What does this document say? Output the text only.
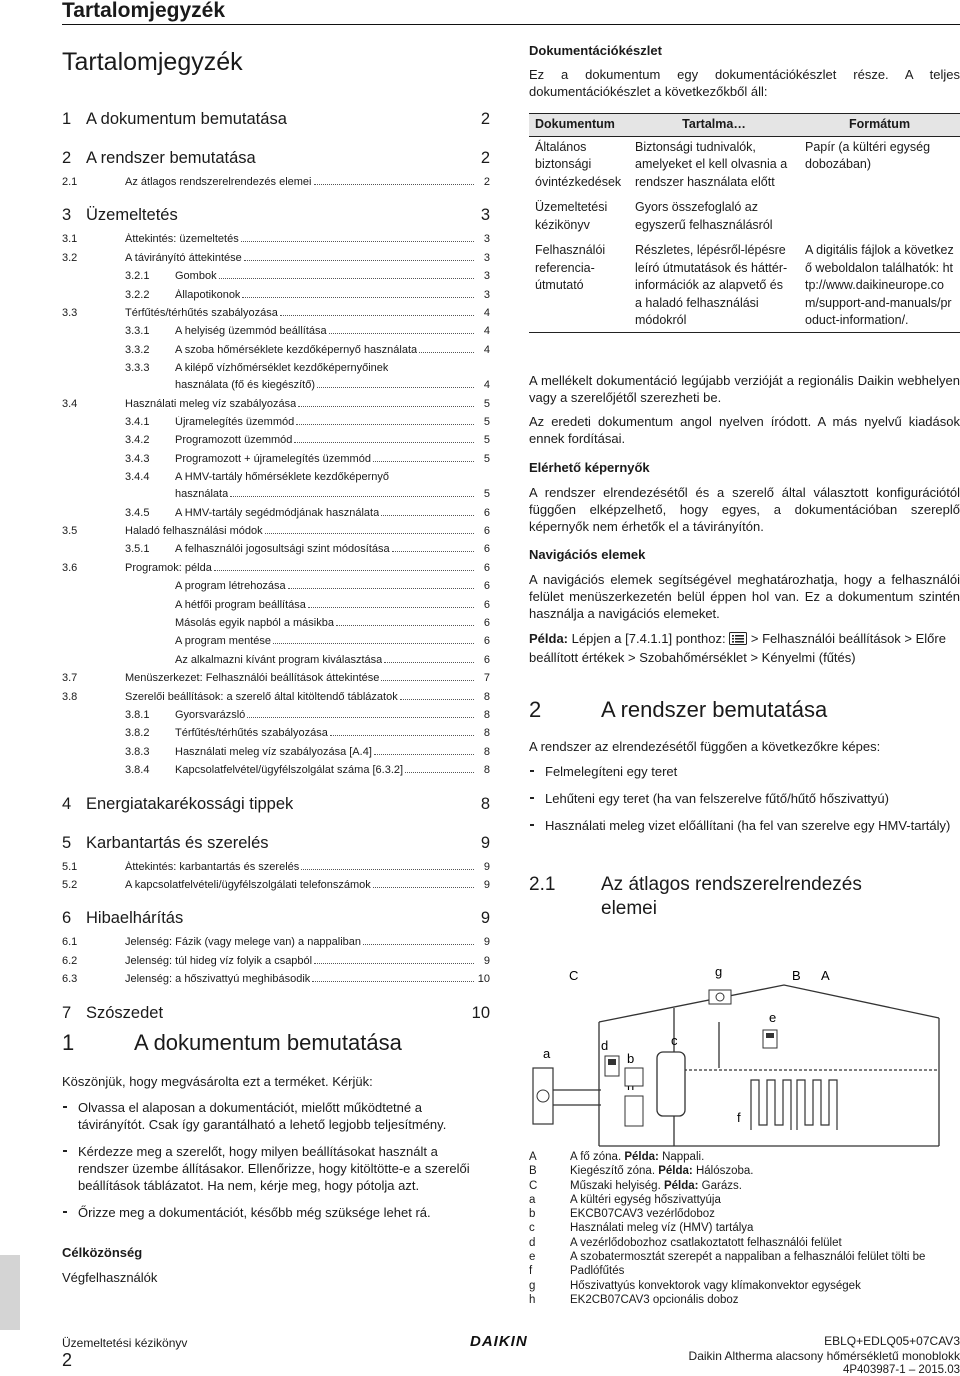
Tartalomjegyzék
Tartalomjegyzék
1 A dokumentum bemutatása	2
2 A rendszer bemutatása	2
2.1	Az átlagos rendszerelrendezés elemei	2
3 Üzemeltetés	3
3.1	Áttekintés: üzemeltetés	3
3.2	A távirányító áttekintése	3
3.2.1	Gombok	3
3.2.2	Állapotikonok	3
3.3	Térfűtés/térhűtés szabályozása	4
3.3.1	A helyiség üzemmód beállítása	4
3.3.2	A szoba hőmérséklete kezdőképernyő használata	4
3.3.3	A kilépő vízhőmérséklet kezdőképernyőinek
használata (fő és kiegészítő)	4
3.4	Használati meleg víz szabályozása	5
3.4.1	Újramelegítés üzemmód	5
3.4.2	Programozott üzemmód	5
3.4.3	Programozott + újramelegítés üzemmód	5
3.4.4	A HMV-tartály hőmérséklete kezdőképernyő
használata	5
3.4.5	A HMV-tartály segédmódjának használata	6
3.5	Haladó felhasználási módok	6
3.5.1	A felhasználói jogosultsági szint módosítása	6
3.6	Programok: példa	6
A program létrehozása	6
A hétfői program beállítása	6
Másolás egyik napból a másikba	6
A program mentése	6
Az alkalmazni kívánt program kiválasztása	6
3.7	Menüszerkezet: Felhasználói beállítások áttekintése	7
3.8	Szerelői beállítások: a szerelő által kitöltendő táblázatok	8
3.8.1	Gyorsvarázsló	8
3.8.2	Térfűtés/térhűtés szabályozása	8
3.8.3	Használati meleg víz szabályozása [A.4]	8
3.8.4	Kapcsolatfelvétel/ügyfélszolgálat száma [6.3.2]	8
4 Energiatakarékossági tippek	8
5 Karbantartás és szerelés	9
5.1	Áttekintés: karbantartás és szerelés	9
5.2	A kapcsolatfelvételi/ügyfélszolgálati telefonszámok	9
6 Hibaelhárítás	9
6.1	Jelenség: Fázik (vagy melege van) a nappaliban	9
6.2	Jelenség: túl hideg víz folyik a csapból	9
6.3	Jelenség: a hőszivattyú meghibásodik	10
7 Szószedet	10
1	A dokumentum bemutatása
Köszönjük, hogy megvásárolta ezt a terméket. Kérjük:
Olvassa el alaposan a dokumentációt, mielőtt működtetné a távirányítót. Csak így garantálható a lehető legjobb teljesítmény.
Kérdezze meg a szerelőt, hogy milyen beállításokat használt a rendszer üzembe állításakor. Ellenőrizze, hogy kitöltötte-e a szerelői beállítások táblázatot. Ha nem, kérje meg, hogy pótolja azt.
Őrizze meg a dokumentációt, később még szüksége lehet rá.
Célközönség
Végfelhasználók
Dokumentációkészlet
Ez a dokumentum egy dokumentációkészlet része. A teljes dokumentációkészlet a következőkből áll:
Dokumentum	Tartalma…	Formátum
Általános biztonsági óvintézkedések	Biztonsági tudnivalók, amelyeket el kell olvasnia a rendszer használata előtt	Papír (a kültéri egység dobozában)
Üzemeltetési kézikönyv	Gyors összefoglaló az egyszerű felhasználásról	
Felhasználói referencia-útmutató	Részletes, lépésről-lépésre leíró útmutatások és háttér-információk az alapvető és a haladó felhasználási módokról	A digitális fájlok a következő weboldalon találhatók: http://www.daikineurope.com/support-and-manuals/product-information/.
A mellékelt dokumentáció legújabb verzióját a regionális Daikin webhelyen vagy a szerelőjétől szerezheti be.
Az eredeti dokumentum angol nyelven íródott. A más nyelvű kiadások ennek fordításai.
Elérhető képernyők
A rendszer elrendezésétől és a szerelő által választott konfigurációtól függően elképzelhető, hogy egyes, a dokumentációban szereplő képernyők nem érhetők el a távirányítón.
Navigációs elemek
A navigációs elemek segítségével meghatározhatja, hogy a felhasználói felület menüszerkezetén belül éppen hol van. Ez a dokumentum szintén használja a navigációs elemeket.
Példa: Lépjen a [7.4.1.1] ponthoz: > Felhasználói beállítások > Előre beállított értékek > Szobahőmérséklet > Kényelmi (fűtés)
2	A rendszer bemutatása
A rendszer az elrendezésétől függően a következőkre képes:
Felmelegíteni egy teret
Lehűteni egy teret (ha van felszerelve fűtő/hűtő hőszivattyú)
Használati meleg vizet előállítani (ha fel van szerelve egy HMV-tartály)
2.1	Az átlagos rendszerelrendezés elemei
C	g	B A
a
d
b
c
e
f
A	A fő zóna. Példa: Nappali.
B	Kiegészítő zóna. Példa: Hálószoba.
C	Műszaki helyiség. Példa: Garázs.
a	A kültéri egység hőszivattyúja
b	EKCB07CAV3 vezérlődoboz
c	Használati meleg víz (HMV) tartálya
d	A vezérlődobozhoz csatlakoztatott felhasználói felület
e	A szobatermosztát szerepét a nappaliban a felhasználói felület tölti be
f	Padlófűtés
g	Hőszivattyús konvektorok vagy klímakonvektor egységek
h	EK2CB07CAV3 opcionális doboz
Üzemeltetési kézikönyv
2
DAIKIN	EBLQ+EDLQ05+07CAV3
Daikin Altherma alacsony hőmérsékletű monoblokk
4P403987-1 – 2015.03
